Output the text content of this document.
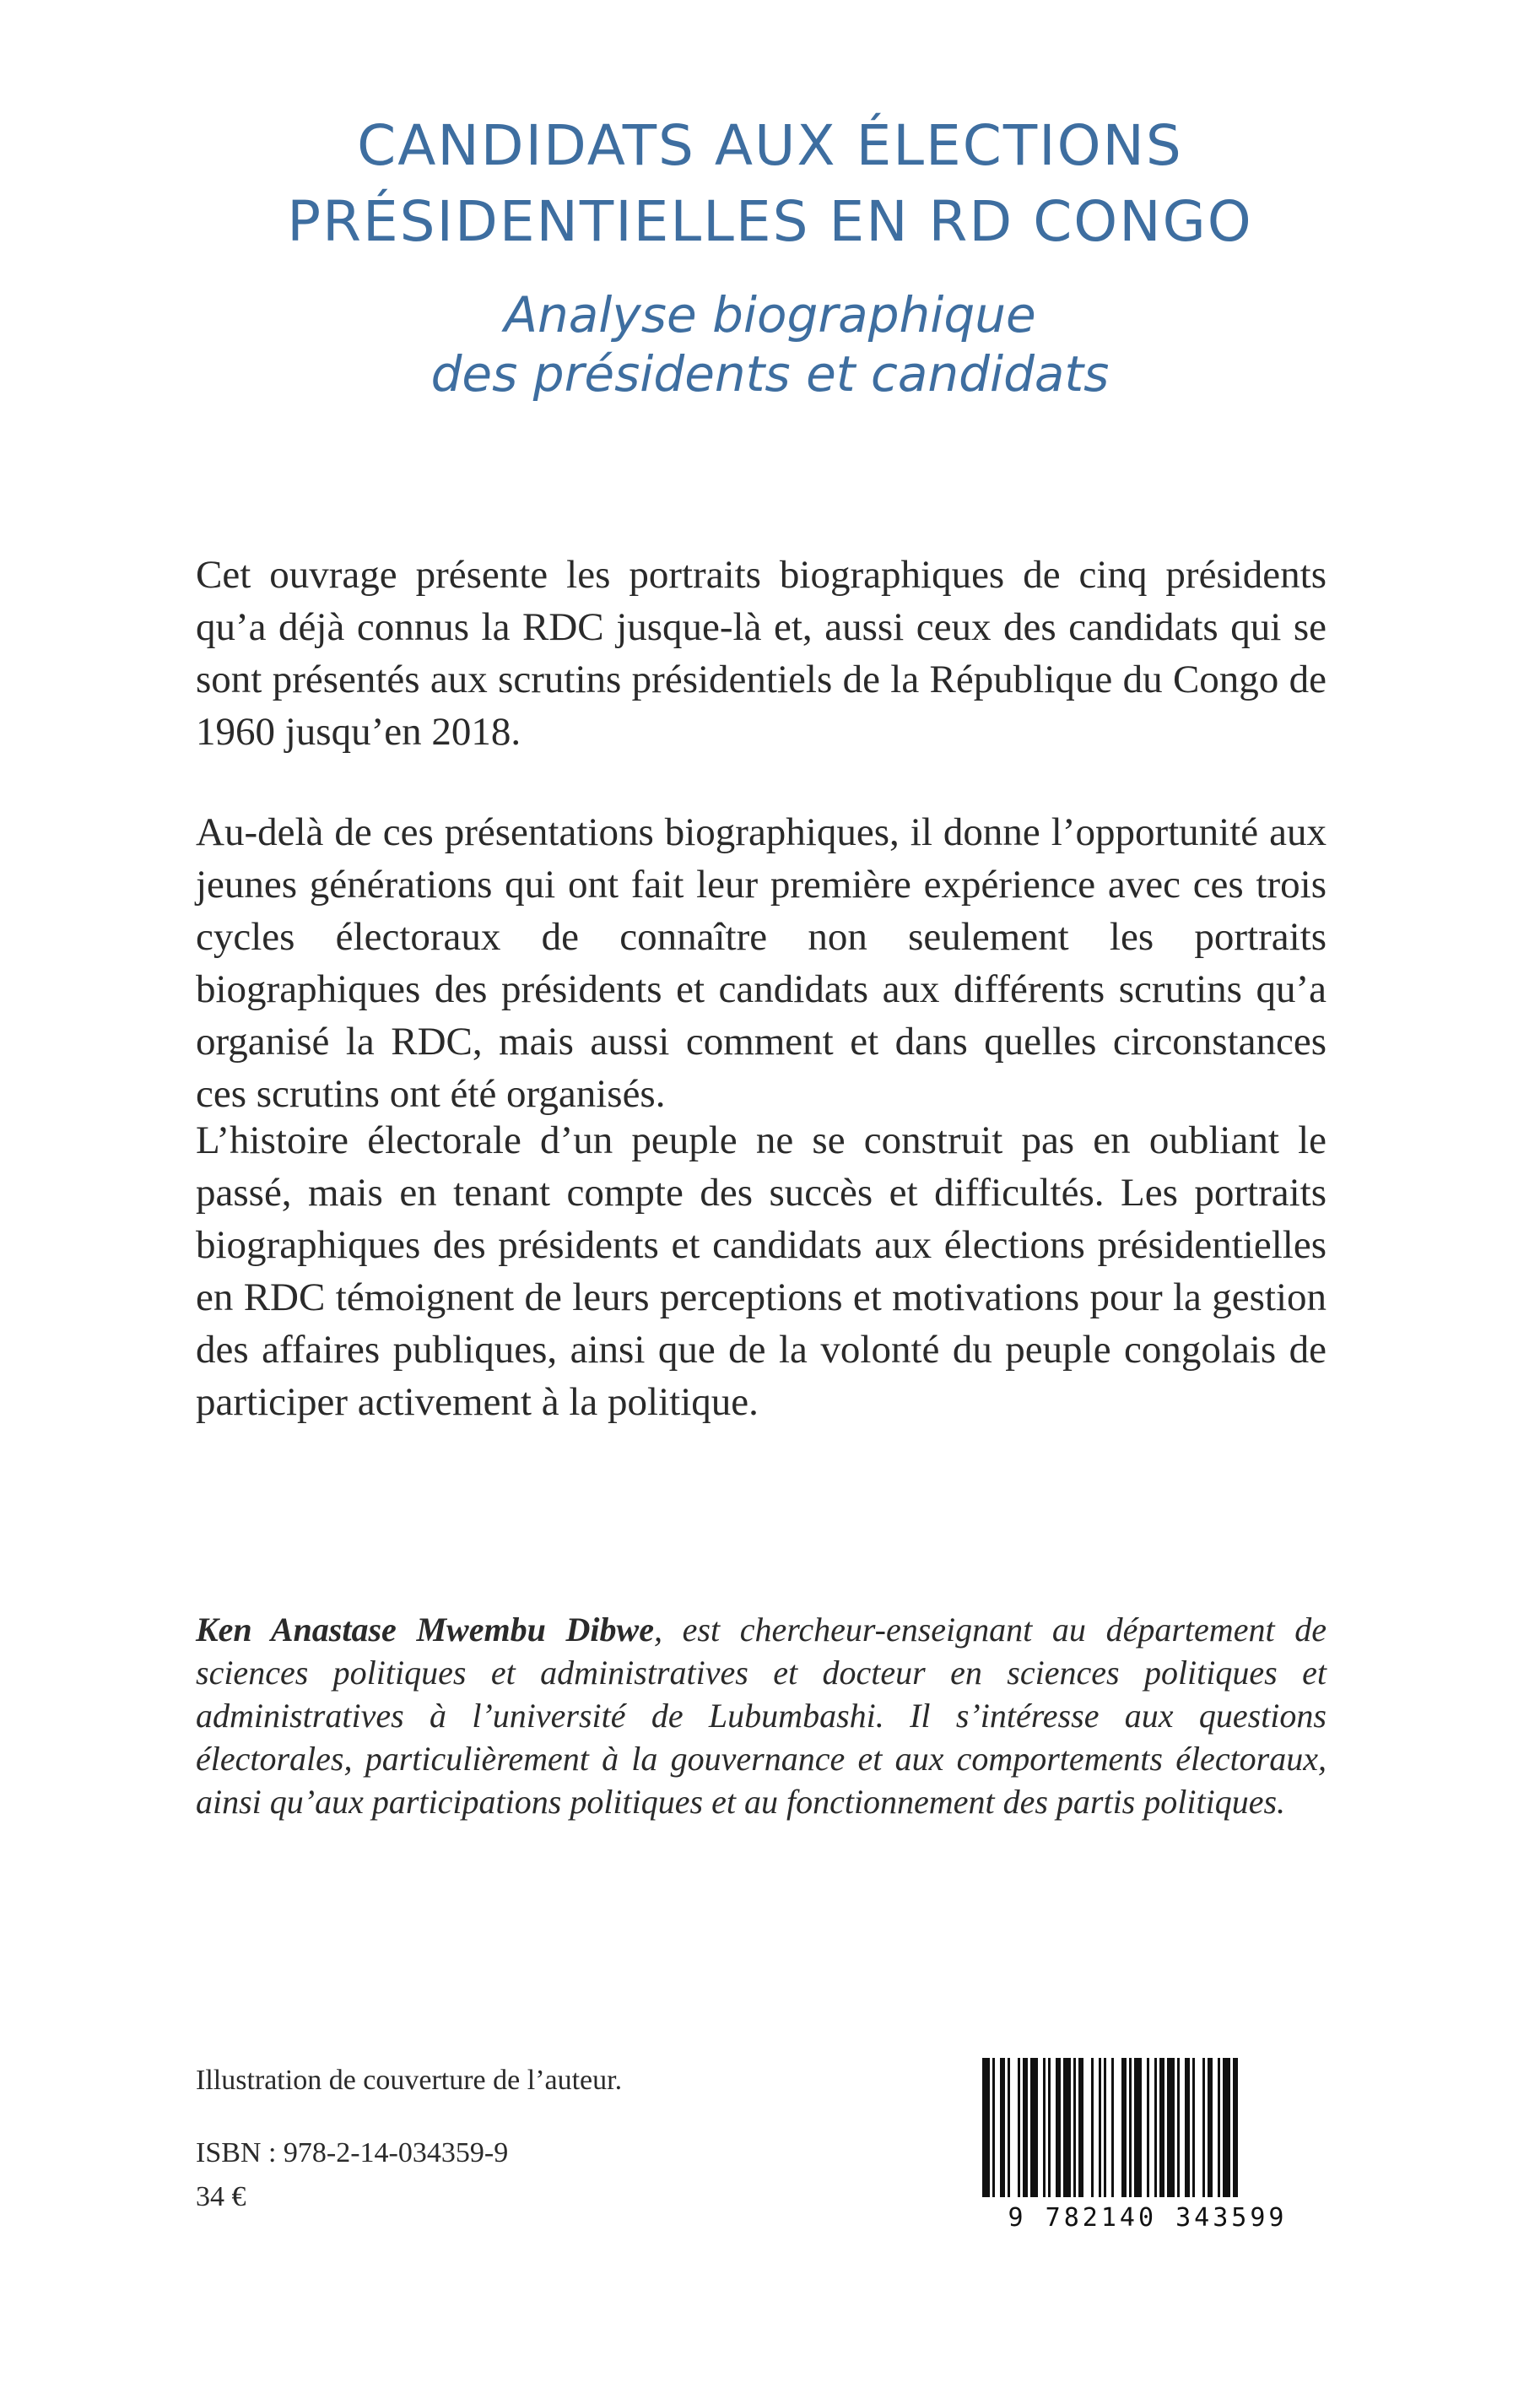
CANDIDATS AUX ÉLECTIONS
PRÉSIDENTIELLES EN RD CONGO
Analyse biographique
des présidents et candidats

Cet ouvrage présente les portraits biographiques de cinq présidents qu’a déjà connus la RDC jusque-là et, aussi ceux des candidats qui se sont présentés aux scrutins présidentiels de la République du Congo de 1960 jusqu’en 2018.

Au-delà de ces présentations biographiques, il donne l’opportunité aux jeunes générations qui ont fait leur première expérience avec ces trois cycles électoraux de connaître non seulement les portraits biographiques des présidents et candidats aux différents scrutins qu’a organisé la RDC, mais aussi comment et dans quelles circonstances ces scrutins ont été organisés.

L’histoire électorale d’un peuple ne se construit pas en oubliant le passé, mais en tenant compte des succès et difficultés. Les portraits biographiques des présidents et candidats aux élections présidentielles en RDC témoignent de leurs perceptions et motivations pour la gestion des affaires publiques, ainsi que de la volonté du peuple congolais de participer activement à la politique.

Ken Anastase Mwembu Dibwe, est chercheur-enseignant au département de sciences politiques et administratives et docteur en sciences politiques et administratives à l’université de Lubumbashi. Il s’intéresse aux questions électorales, particulièrement à la gouvernance et aux comportements électoraux, ainsi qu’aux participations politiques et au fonctionnement des partis politiques.

Illustration de couverture de l’auteur.

ISBN : 978-2-14-034359-9

34 €

9 782140 343599
